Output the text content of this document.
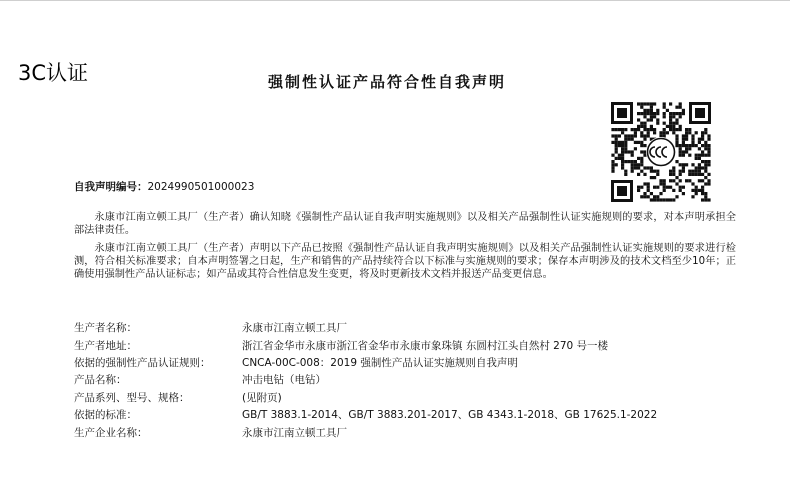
3C认证	强制性认证产品符合性自我声明
自我声明编号：2024990501000023

永康市江南立顿工具厂（生产者）确认知晓《强制性产品认证自我声明实施规则》以及相关产品强制性认证实施规则的要求，对本声明承担全部法律责任。

永康市江南立顿工具厂（生产者）声明以下产品已按照《强制性产品认证自我声明实施规则》以及相关产品强制性认证实施规则的要求进行检测，符合相关标准要求；自本声明签署之日起，生产和销售的产品持续符合以下标准与实施规则的要求；保存本声明涉及的技术文档至少10年；正确使用强制性产品认证标志；如产品或其符合性信息发生变更，将及时更新技术文档并报送产品变更信息。

生产者名称：	永康市江南立顿工具厂
生产者地址：	浙江省金华市永康市浙江省金华市永康市象珠镇 东圆村江头自然村 270 号一楼
依据的强制性产品认证规则：	CNCA-00C-008：2019 强制性产品认证实施规则自我声明
产品名称：	冲击电钻（电钻）
产品系列、型号、规格：	(见附页)
依据的标准：	GB/T 3883.1-2014、GB/T 3883.201-2017、GB 4343.1-2018、GB 17625.1-2022
生产企业名称：	永康市江南立顿工具厂
